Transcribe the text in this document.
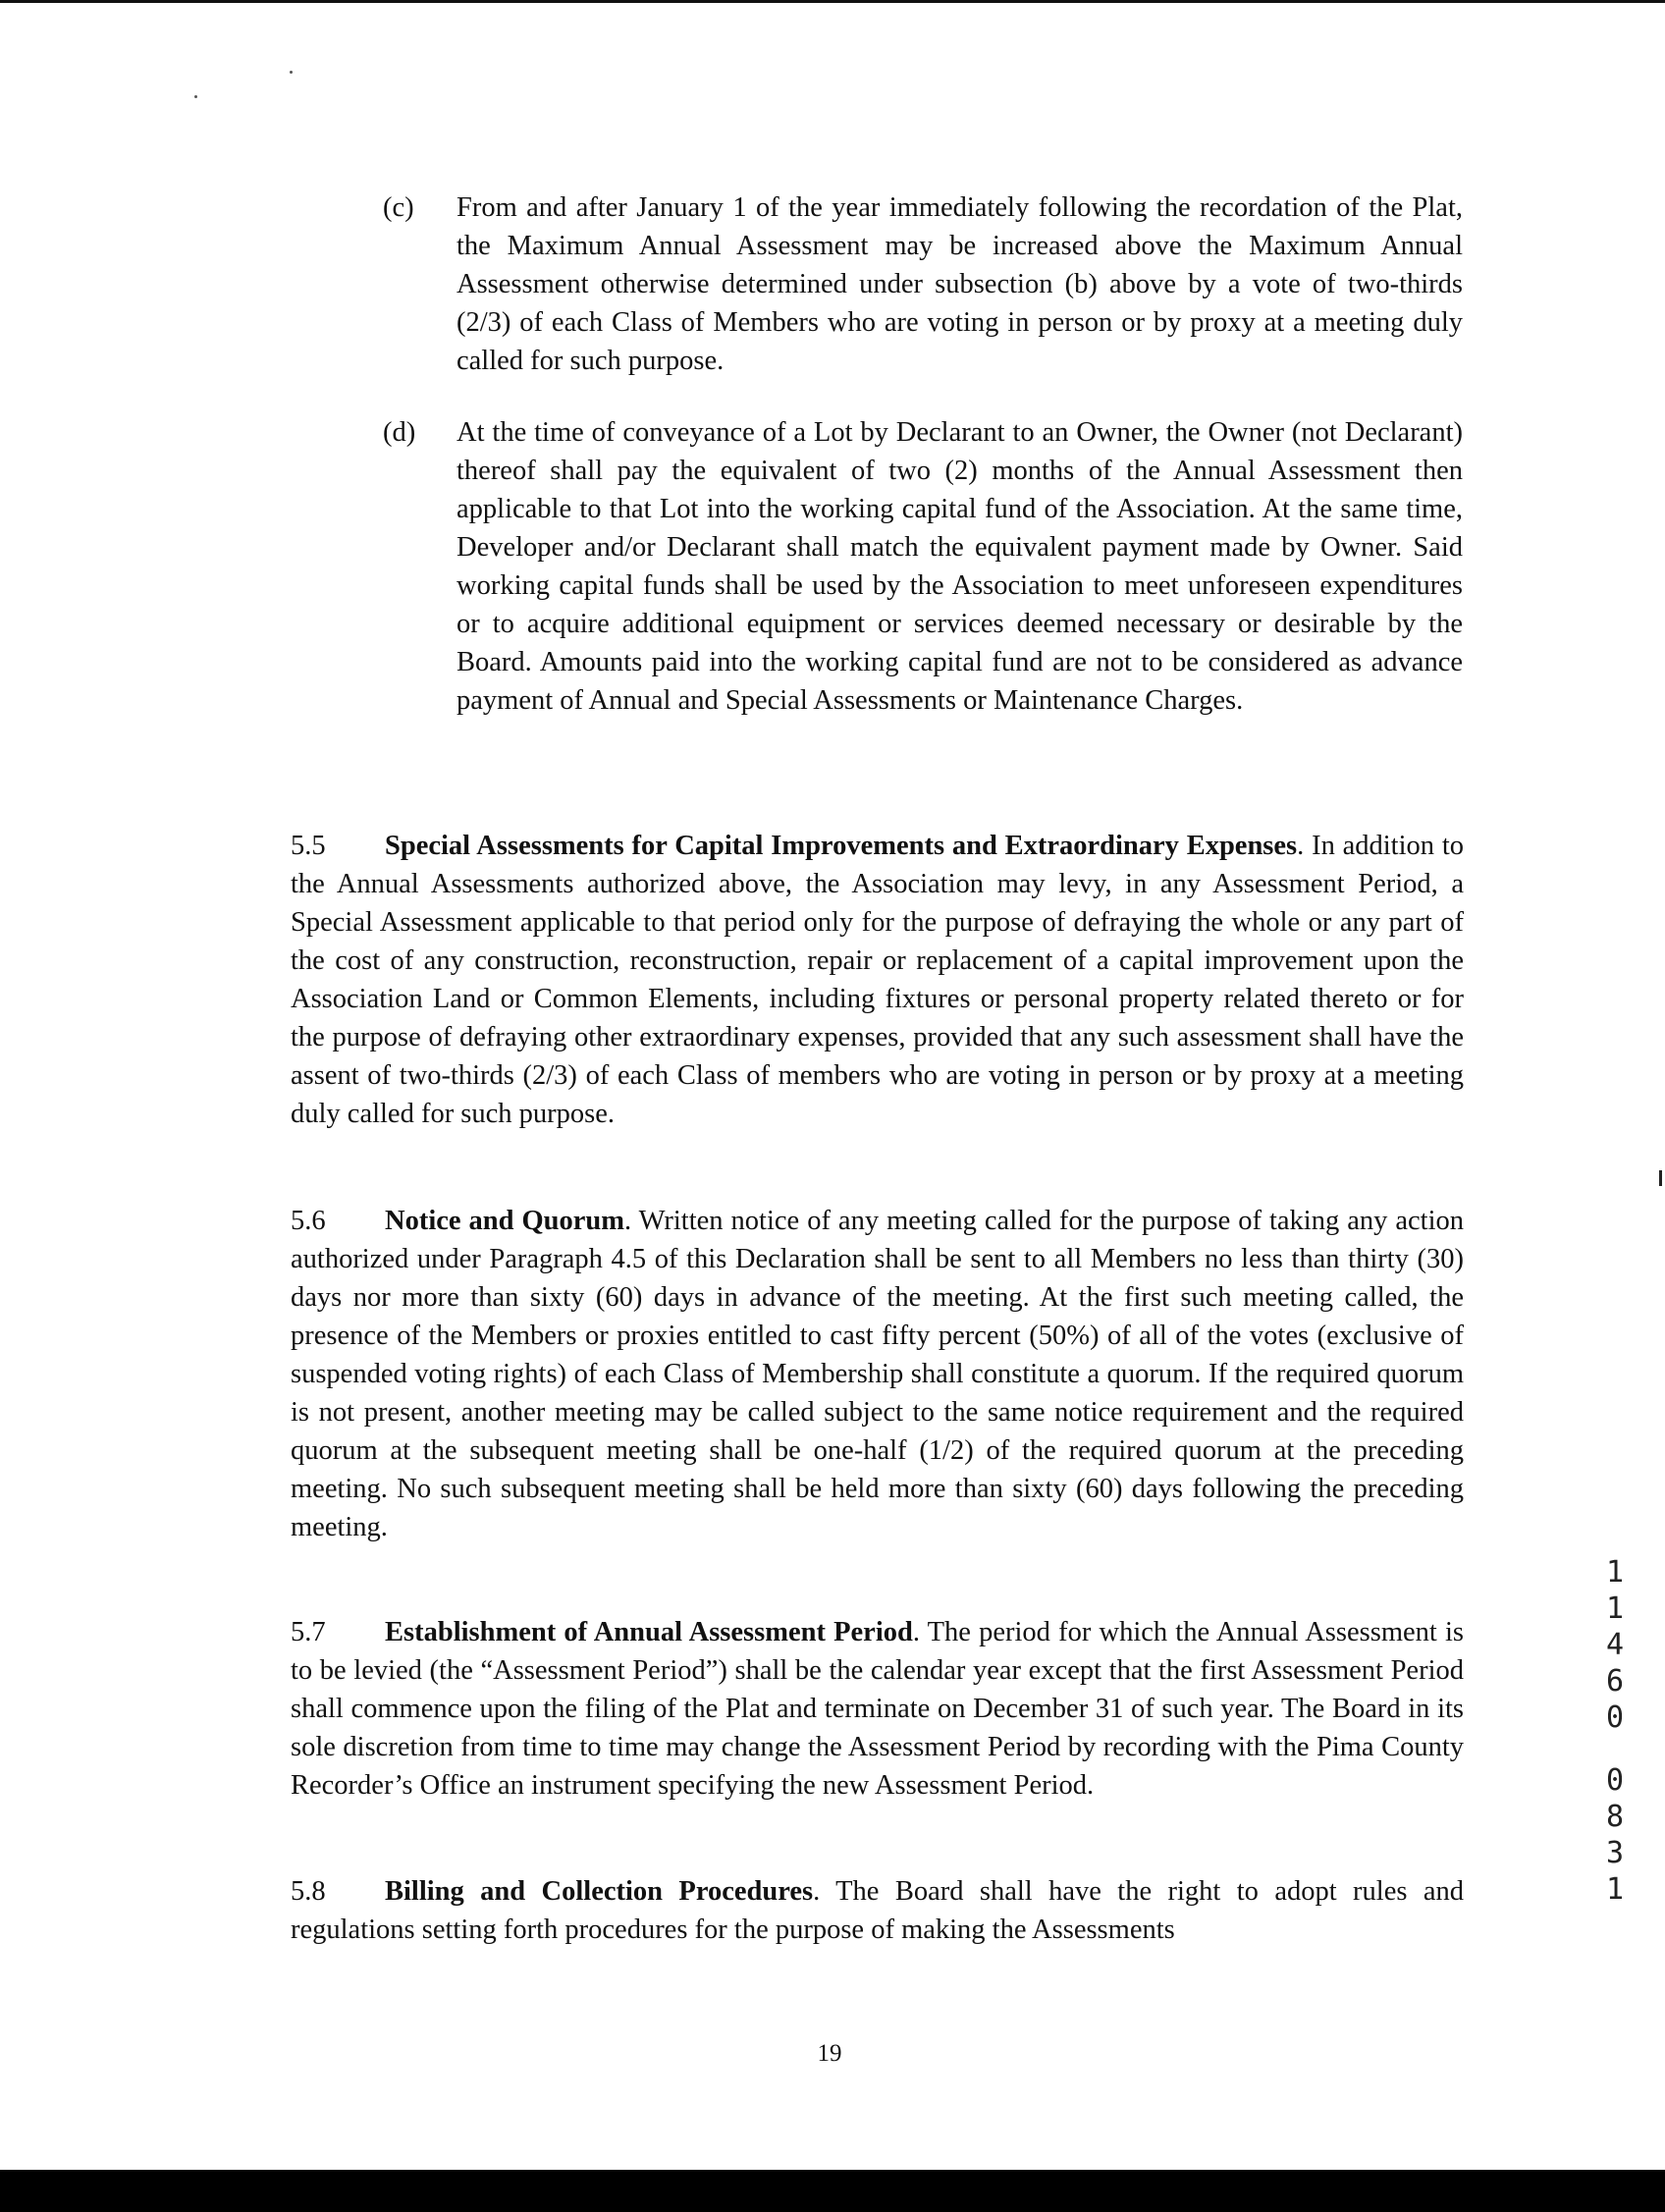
(c)	From and after January 1 of the year immediately following the recordation of the Plat, the Maximum Annual Assessment may be increased above the Maximum Annual Assessment otherwise determined under subsection (b) above by a vote of two-thirds (2/3) of each Class of Members who are voting in person or by proxy at a meeting duly called for such purpose.
(d)	At the time of conveyance of a Lot by Declarant to an Owner, the Owner (not Declarant) thereof shall pay the equivalent of two (2) months of the Annual Assessment then applicable to that Lot into the working capital fund of the Association. At the same time, Developer and/or Declarant shall match the equivalent payment made by Owner. Said working capital funds shall be used by the Association to meet unforeseen expenditures or to acquire additional equipment or services deemed necessary or desirable by the Board. Amounts paid into the working capital fund are not to be considered as advance payment of Annual and Special Assessments or Maintenance Charges.
5.5 Special Assessments for Capital Improvements and Extraordinary Expenses. In addition to the Annual Assessments authorized above, the Association may levy, in any Assessment Period, a Special Assessment applicable to that period only for the purpose of defraying the whole or any part of the cost of any construction, reconstruction, repair or replacement of a capital improvement upon the Association Land or Common Elements, including fixtures or personal property related thereto or for the purpose of defraying other extraordinary expenses, provided that any such assessment shall have the assent of two-thirds (2/3) of each Class of members who are voting in person or by proxy at a meeting duly called for such purpose.
5.6 Notice and Quorum. Written notice of any meeting called for the purpose of taking any action authorized under Paragraph 4.5 of this Declaration shall be sent to all Members no less than thirty (30) days nor more than sixty (60) days in advance of the meeting. At the first such meeting called, the presence of the Members or proxies entitled to cast fifty percent (50%) of all of the votes (exclusive of suspended voting rights) of each Class of Membership shall constitute a quorum. If the required quorum is not present, another meeting may be called subject to the same notice requirement and the required quorum at the subsequent meeting shall be one-half (1/2) of the required quorum at the preceding meeting. No such subsequent meeting shall be held more than sixty (60) days following the preceding meeting.
5.7 Establishment of Annual Assessment Period. The period for which the Annual Assessment is to be levied (the “Assessment Period”) shall be the calendar year except that the first Assessment Period shall commence upon the filing of the Plat and terminate on December 31 of such year. The Board in its sole discretion from time to time may change the Assessment Period by recording with the Pima County Recorder’s Office an instrument specifying the new Assessment Period.
5.8 Billing and Collection Procedures. The Board shall have the right to adopt rules and regulations setting forth procedures for the purpose of making the Assessments
1
1
4
6
0
0
8
3
1
19
